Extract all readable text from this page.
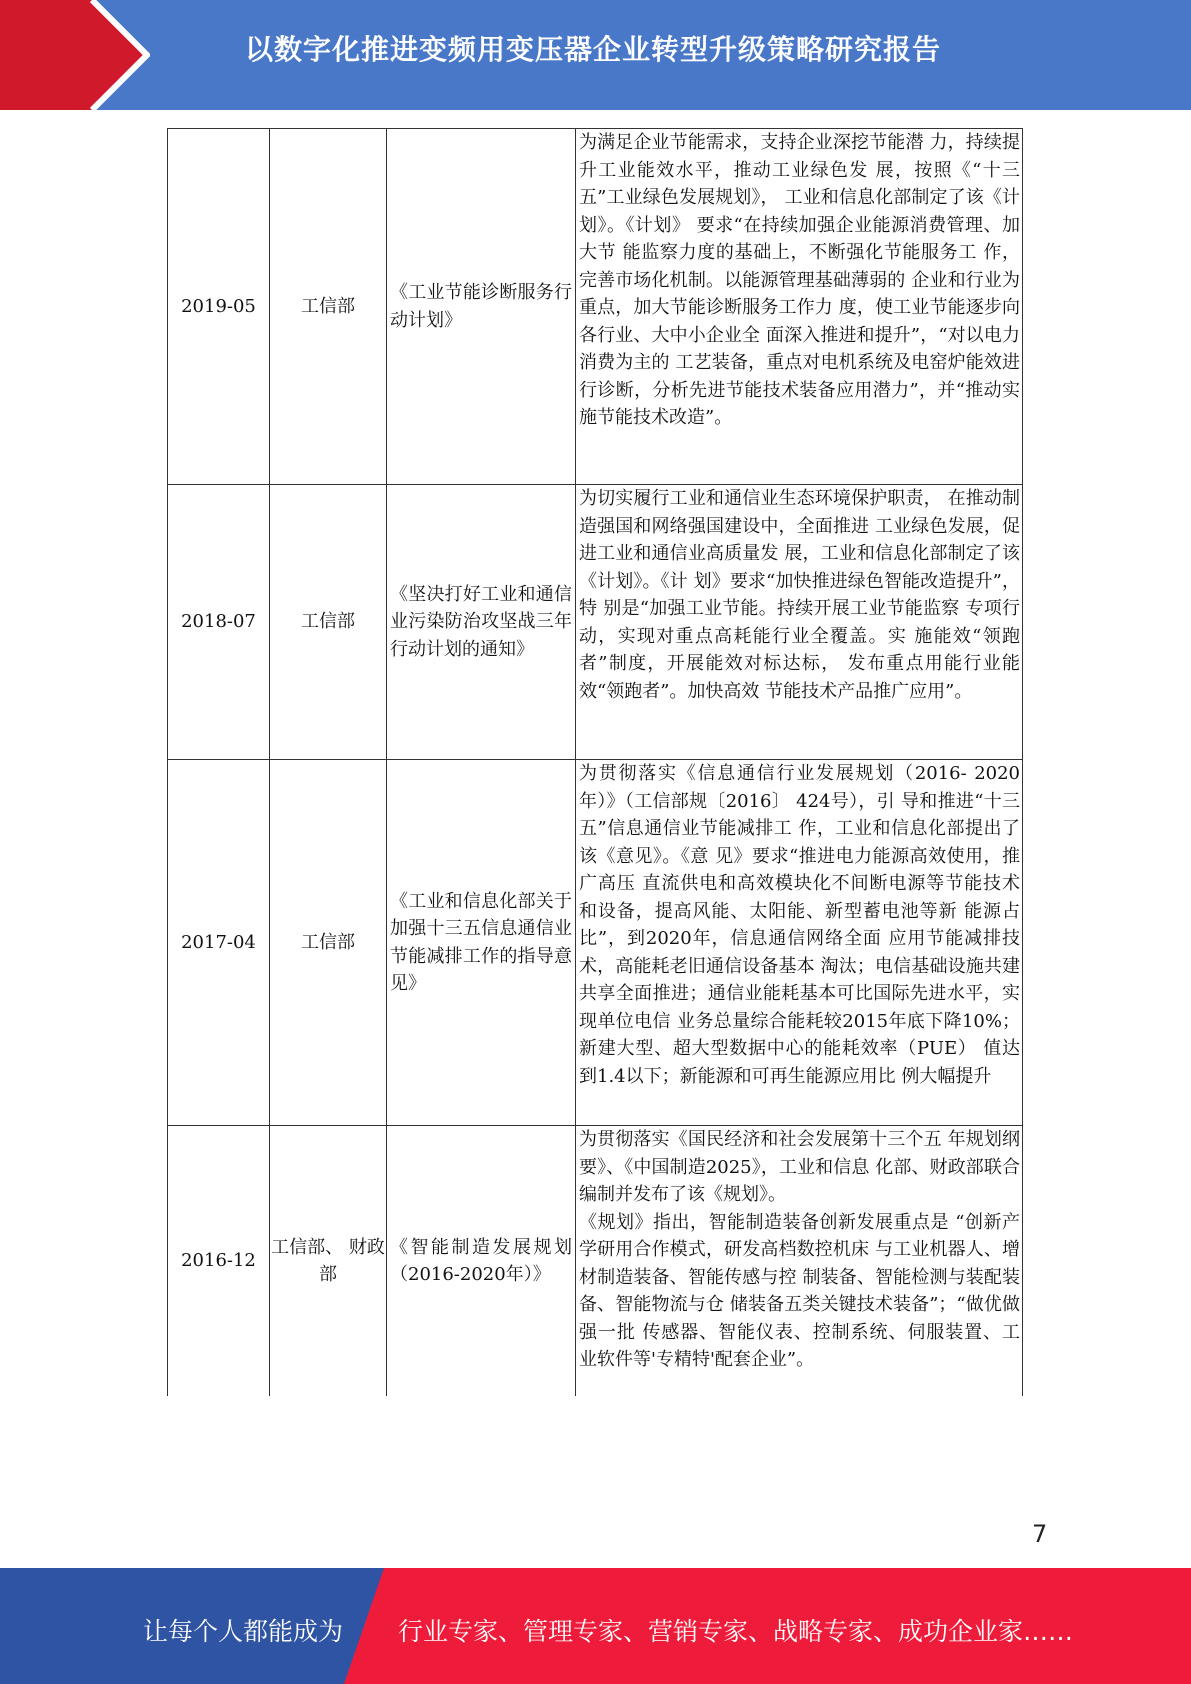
以数字化推进变频用变压器企业转型升级策略研究报告
2019-05	工信部	《工业节能诊断服务行动计划》	为满足企业节能需求，支持企业深挖节能潜 力，持续提升工业能效水平，推动工业绿色发 展，按照《“十三五”工业绿色发展规划》， 工业和信息化部制定了该《计划》。《计划》 要求“在持续加强企业能源消费管理、加大节 能监察力度的基础上，不断强化节能服务工 作，完善市场化机制。以能源管理基础薄弱的 企业和行业为重点，加大节能诊断服务工作力 度，使工业节能逐步向各行业、大中小企业全 面深入推进和提升”，“对以电力消费为主的 工艺装备，重点对电机系统及电窑炉能效进行诊断，分析先进节能技术装备应用潜力”，并“推动实施节能技术改造”。

2018-07	工信部	《坚决打好工业和通信业污染防治攻坚战三年行动计划的通知》	为切实履行工业和通信业生态环境保护职责， 在推动制造强国和网络强国建设中，全面推进 工业绿色发展，促进工业和通信业高质量发 展，工业和信息化部制定了该《计划》。《计 划》要求“加快推进绿色智能改造提升”，特 别是“加强工业节能。持续开展工业节能监察 专项行动，实现对重点高耗能行业全覆盖。实 施能效“领跑者”制度，开展能效对标达标， 发布重点用能行业能效“领跑者”。加快高效 节能技术产品推广应用”。

2017-04	工信部	《工业和信息化部关于加强十三五信息通信业节能减排工作的指导意见》	为贯彻落实《信息通信行业发展规划（2016- 2020年）》（工信部规〔2016〕 424号），引 导和推进“十三五”信息通信业节能减排工 作，工业和信息化部提出了该《意见》。《意 见》要求“推进电力能源高效使用，推广高压 直流供电和高效模块化不间断电源等节能技术 和设备，提高风能、太阳能、新型蓄电池等新 能源占比”，到2020年，信息通信网络全面 应用节能减排技术，高能耗老旧通信设备基本 淘汰；电信基础设施共建共享全面推进；通信业能耗基本可比国际先进水平，实现单位电信 业务总量综合能耗较2015年底下降10%；新建大型、超大型数据中心的能耗效率（PUE） 值达到1.4以下；新能源和可再生能源应用比 例大幅提升

2016-12	工信部、 财政部	《智能制造发展规划 （2016-2020年）》	为贯彻落实《国民经济和社会发展第十三个五 年规划纲要》、《中国制造2025》，工业和信息 化部、财政部联合编制并发布了该《规划》。
《规划》指出，智能制造装备创新发展重点是 “创新产学研用合作模式，研发高档数控机床 与工业机器人、增材制造装备、智能传感与控 制装备、智能检测与装配装备、智能物流与仓 储装备五类关键技术装备”；“做优做强一批 传感器、智能仪表、控制系统、伺服装置、工 业软件等'专精特'配套企业”。
7
让每个人都能成为 行业专家、管理专家、营销专家、战略专家、成功企业家……
